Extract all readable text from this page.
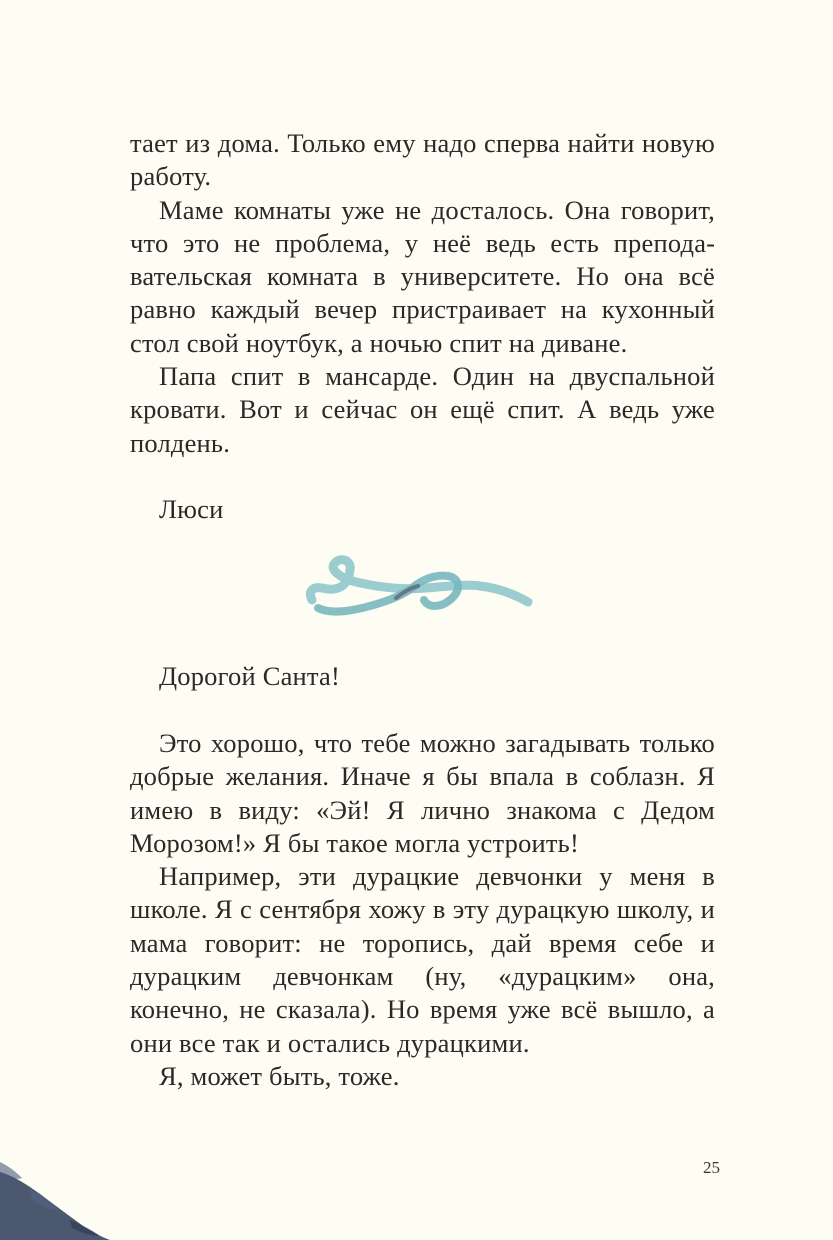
тает из дома. Только ему надо сперва найти новую работу.

Маме комнаты уже не досталось. Она говорит, что это не проблема, у неё ведь есть преподавательская комната в университете. Но она всё равно каждый вечер пристраивает на кухонный стол свой ноутбук, а ночью спит на диване.

Папа спит в мансарде. Один на двуспальной кровати. Вот и сейчас он ещё спит. А ведь уже полдень.

Люси

Дорогой Санта!

Это хорошо, что тебе можно загадывать только добрые желания. Иначе я бы впала в соблазн. Я имею в виду: «Эй! Я лично знакома с Дедом Морозом!» Я бы такое могла устроить!

Например, эти дурацкие девчонки у меня в школе. Я с сентября хожу в эту дурацкую школу, и мама говорит: не торопись, дай время себе и дурацким девчонкам (ну, «дурацким» она, конечно, не сказала). Но время уже всё вышло, а они все так и остались дурацкими.

Я, может быть, тоже.

25
